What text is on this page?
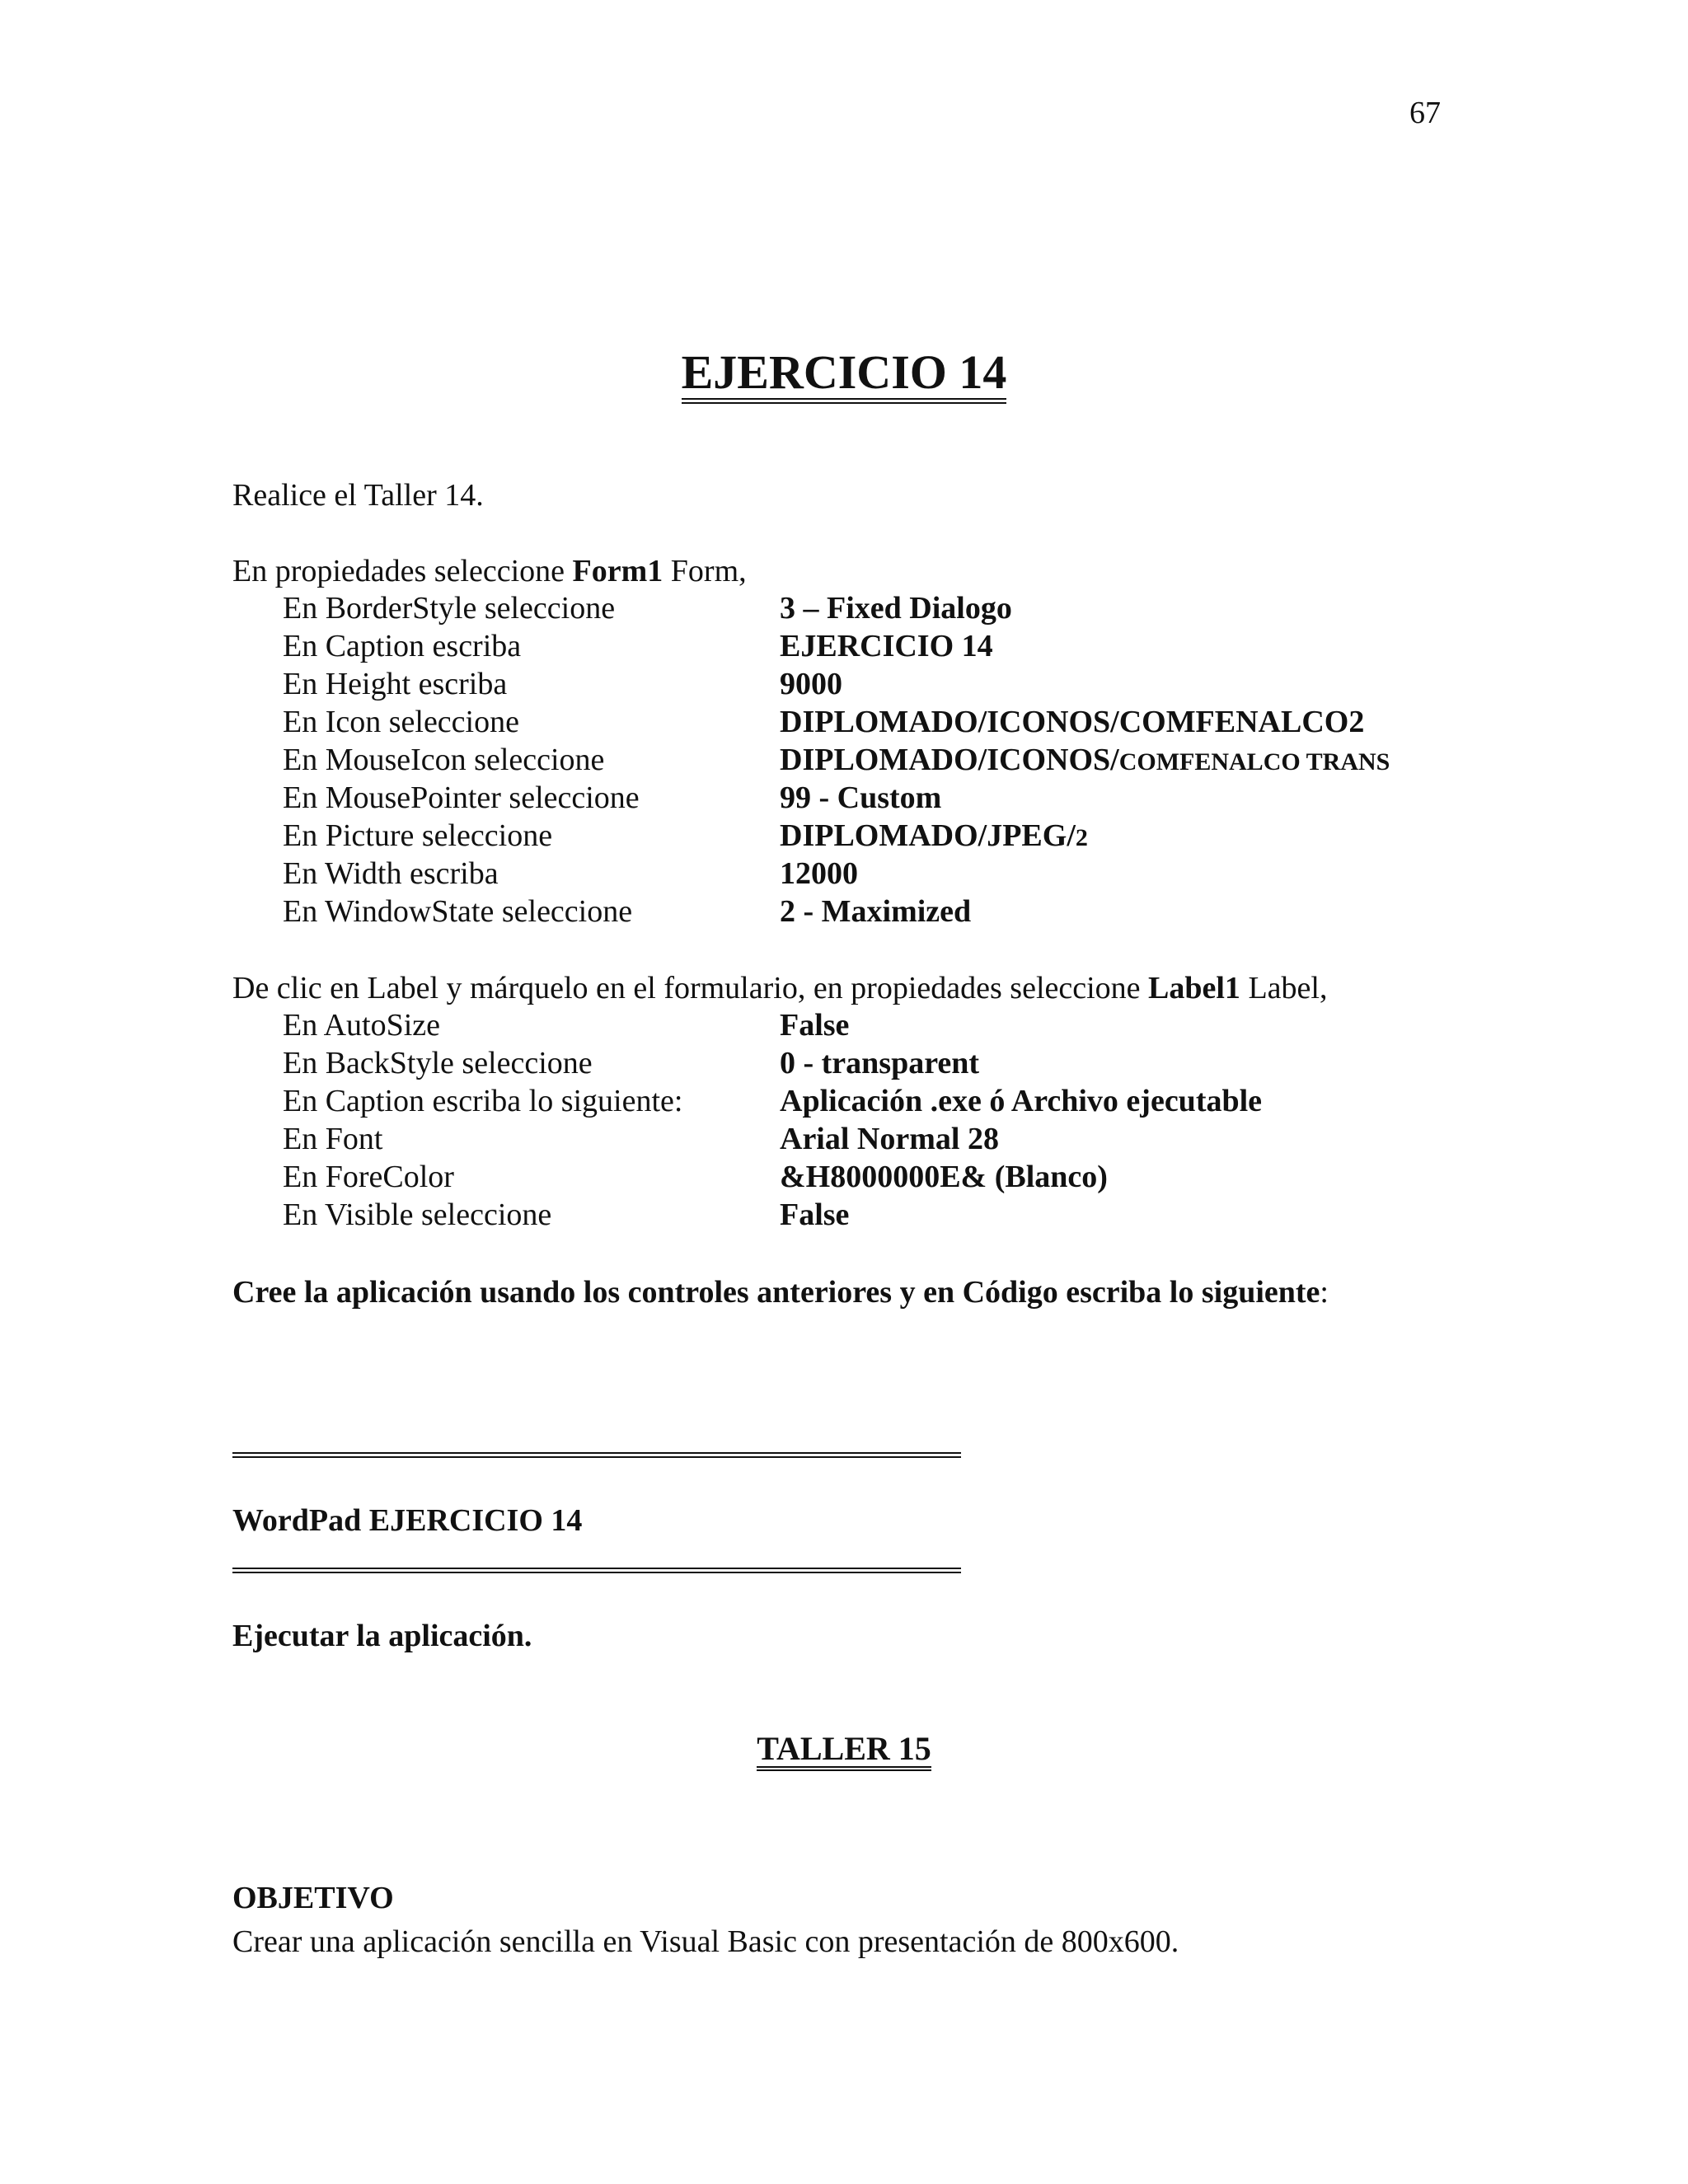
67
EJERCICIO 14
Realice el Taller 14.
En propiedades seleccione Form1 Form,
En BorderStyle seleccione	3 – Fixed Dialogo
En Caption escriba	EJERCICIO 14
En Height escriba	9000
En Icon seleccione	DIPLOMADO/ICONOS/COMFENALCO2
En MouseIcon seleccione	DIPLOMADO/ICONOS/COMFENALCO TRANS
En MousePointer seleccione	99 - Custom
En Picture seleccione	DIPLOMADO/JPEG/2
En Width escriba	12000
En WindowState seleccione	2 - Maximized
De clic en Label y márquelo en el formulario, en propiedades seleccione Label1 Label,
En AutoSize	False
En BackStyle seleccione	0 - transparent
En Caption escriba lo siguiente:	Aplicación .exe ó Archivo ejecutable
En Font	Arial Normal 28
En ForeColor	&H8000000E& (Blanco)
En Visible seleccione	False
Cree la aplicación usando los controles anteriores y en Código escriba lo siguiente:
WordPad EJERCICIO 14
Ejecutar la aplicación.
TALLER 15
OBJETIVO
Crear una aplicación sencilla en Visual Basic con presentación de 800x600.
